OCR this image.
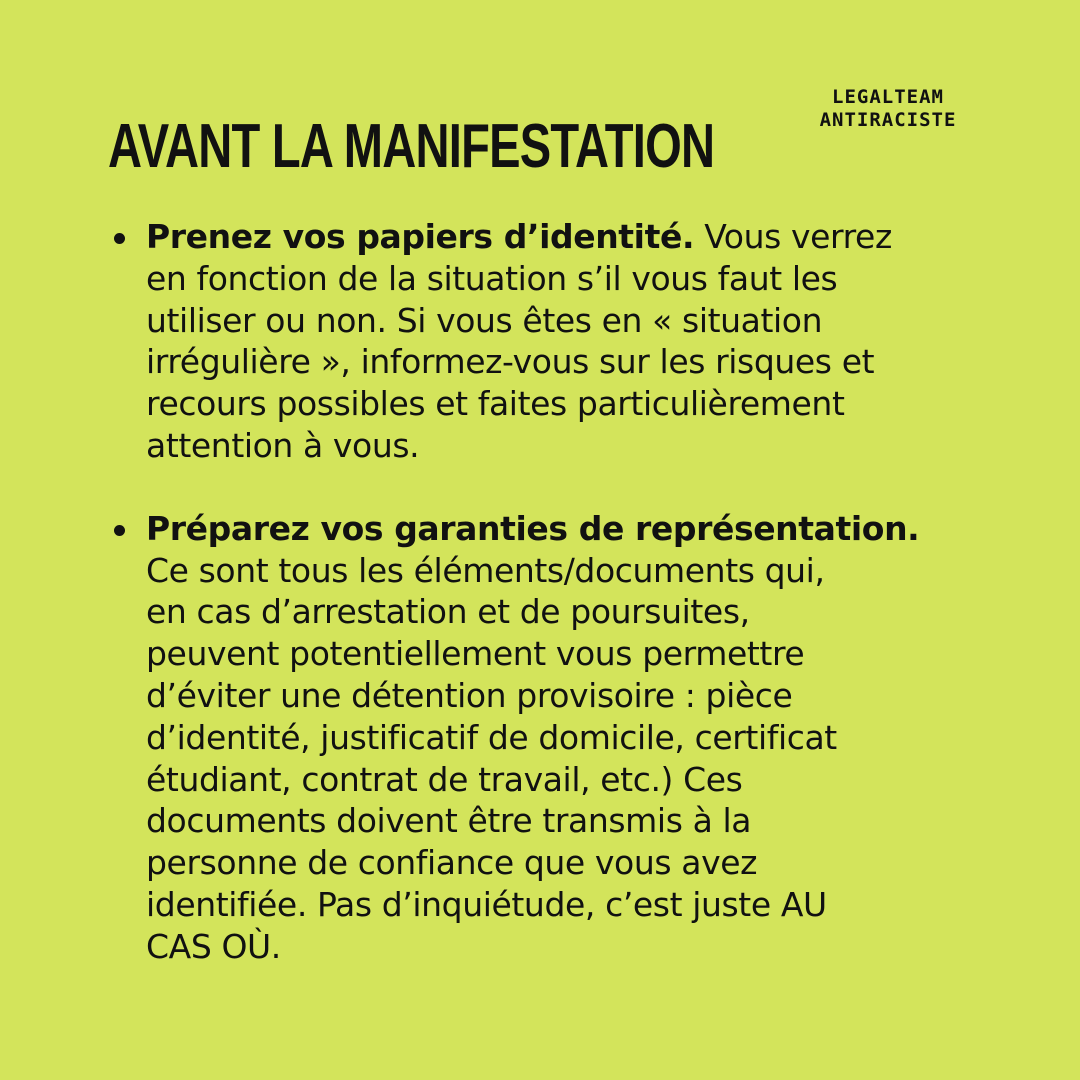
LEGALTEAM
ANTIRACISTE
AVANT LA MANIFESTATION
Prenez vos papiers d’identité. Vous verrez
en fonction de la situation s’il vous faut les
utiliser ou non. Si vous êtes en « situation
irrégulière », informez-vous sur les risques et
recours possibles et faites particulièrement
attention à vous.
Préparez vos garanties de représentation.
Ce sont tous les éléments/documents qui,
en cas d’arrestation et de poursuites,
peuvent potentiellement vous permettre
d’éviter une détention provisoire : pièce
d’identité, justificatif de domicile, certificat
étudiant, contrat de travail, etc.) Ces
documents doivent être transmis à la
personne de confiance que vous avez
identifiée. Pas d’inquiétude, c’est juste AU
CAS OÙ.
